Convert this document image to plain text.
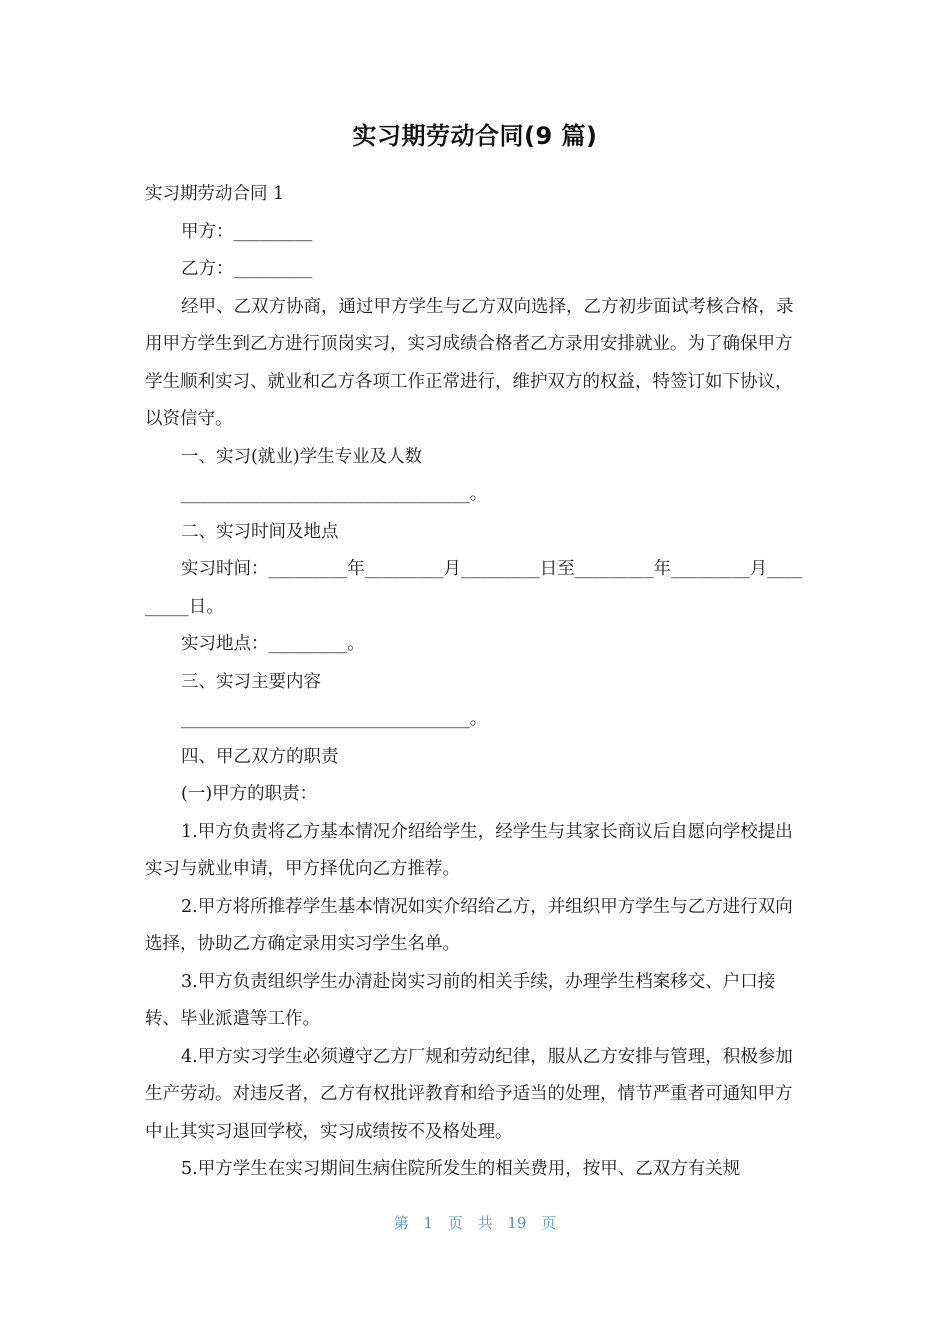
实习期劳动合同(9 篇)

实习期劳动合同 1

甲方：_________

乙方：_________

经甲、乙双方协商，通过甲方学生与乙方双向选择，乙方初步面试考核合格，录用甲方学生到乙方进行顶岗实习，实习成绩合格者乙方录用安排就业。为了确保甲方学生顺利实习、就业和乙方各项工作正常进行，维护双方的权益，特签订如下协议，以资信守。

一、实习(就业)学生专业及人数

_________________________________。

二、实习时间及地点

实习时间：_________年_________月_________日至_________年_________月_________日。

实习地点：_________。

三、实习主要内容

_________________________________。

四、甲乙双方的职责

(一)甲方的职责：

1.甲方负责将乙方基本情况介绍给学生，经学生与其家长商议后自愿向学校提出实习与就业申请，甲方择优向乙方推荐。

2.甲方将所推荐学生基本情况如实介绍给乙方，并组织甲方学生与乙方进行双向选择，协助乙方确定录用实习学生名单。

3.甲方负责组织学生办清赴岗实习前的相关手续，办理学生档案移交、户口接转、毕业派遣等工作。

4.甲方实习学生必须遵守乙方厂规和劳动纪律，服从乙方安排与管理，积极参加生产劳动。对违反者，乙方有权批评教育和给予适当的处理，情节严重者可通知甲方中止其实习退回学校，实习成绩按不及格处理。

5.甲方学生在实习期间生病住院所发生的相关费用，按甲、乙双方有关规

第 1 页 共 19 页
